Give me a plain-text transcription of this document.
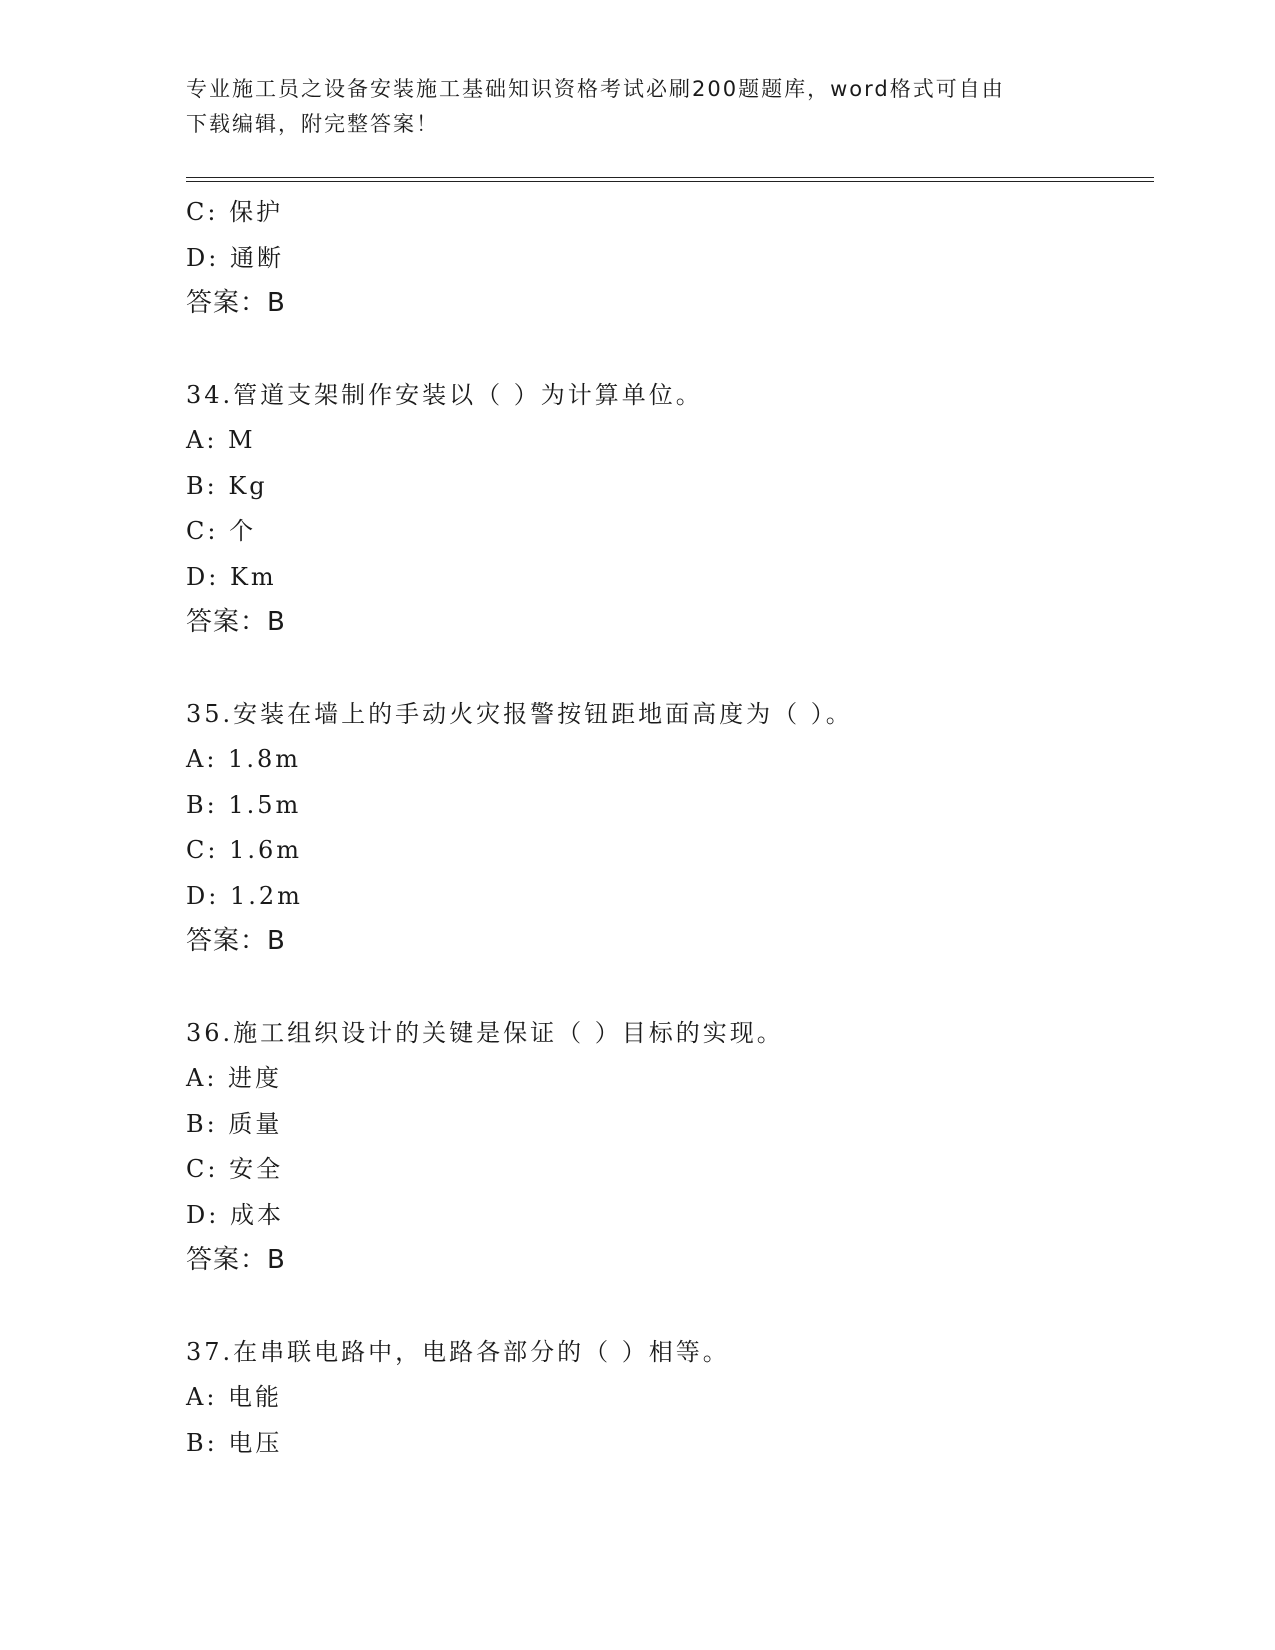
专业施工员之设备安装施工基础知识资格考试必刷200题题库，word格式可自由
下载编辑，附完整答案！
C: 保护
D: 通断
答案：B
34.管道支架制作安装以（ ）为计算单位。
A: M
B: Kg
C: 个
D: Km
答案：B
35.安装在墙上的手动火灾报警按钮距地面高度为（ ）。
A: 1.8m
B: 1.5m
C: 1.6m
D: 1.2m
答案：B
36.施工组织设计的关键是保证（ ）目标的实现。
A: 进度
B: 质量
C: 安全
D: 成本
答案：B
37.在串联电路中，电路各部分的（ ）相等。
A: 电能
B: 电压
